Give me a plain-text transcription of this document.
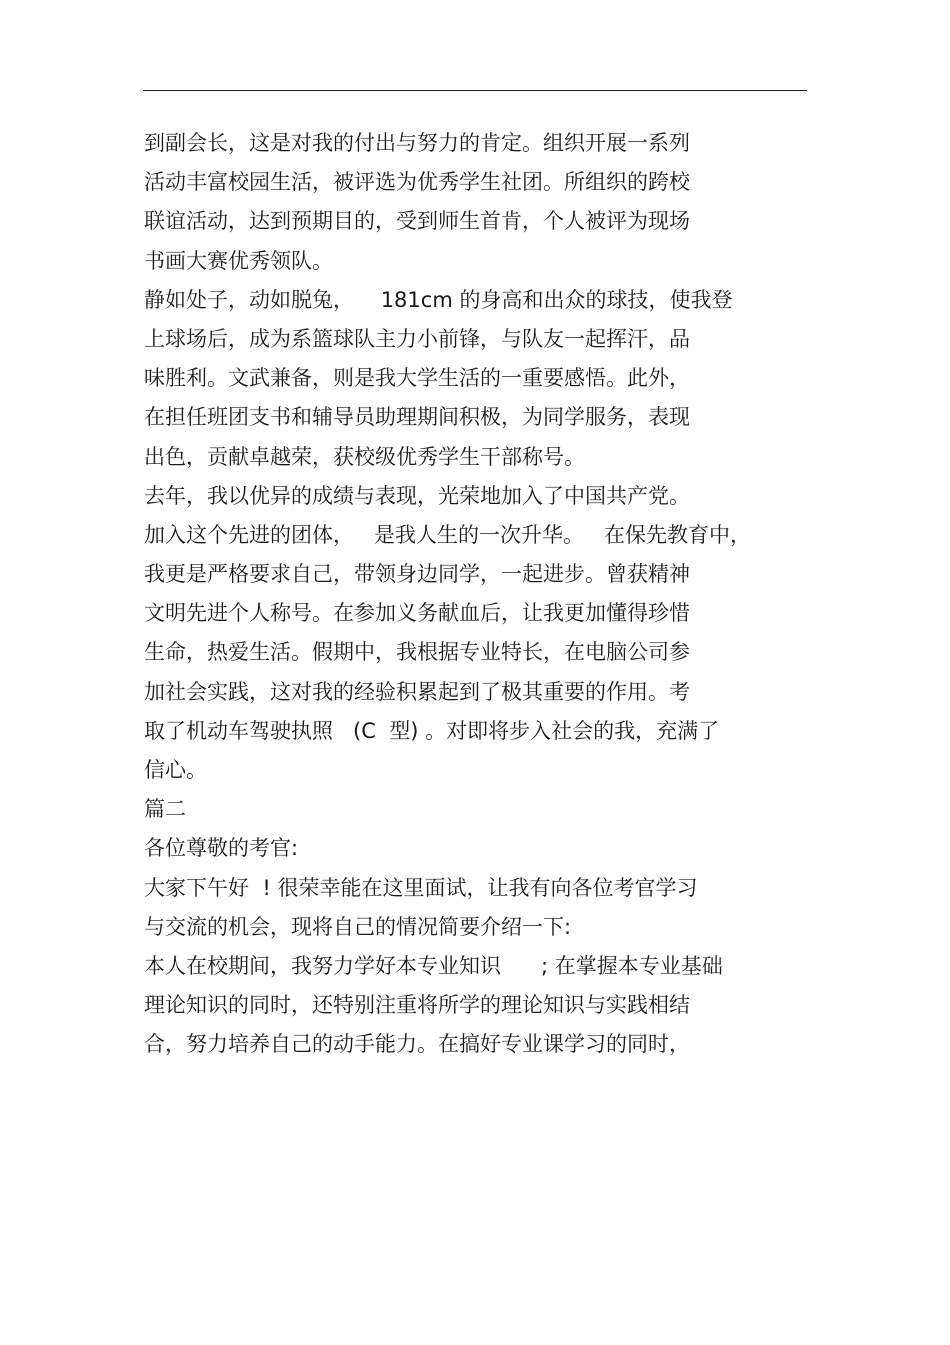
到副会长，这是对我的付出与努力的肯定。组织开展一系列
活动丰富校园生活，被评选为优秀学生社团。所组织的跨校
联谊活动，达到预期目的，受到师生首肯，个人被评为现场
书画大赛优秀领队。
静如处子，动如脱兔，    181cm 的身高和出众的球技，使我登
上球场后，成为系篮球队主力小前锋，与队友一起挥汗，品
味胜利。文武兼备，则是我大学生活的一重要感悟。此外，
在担任班团支书和辅导员助理期间积极，为同学服务，表现
出色，贡献卓越荣，获校级优秀学生干部称号。
去年，我以优异的成绩与表现，光荣地加入了中国共产党。
加入这个先进的团体，   是我人生的一次升华。   在保先教育中，
我更是严格要求自己，带领身边同学，一起进步。曾获精神
文明先进个人称号。在参加义务献血后，让我更加懂得珍惜
生命，热爱生活。假期中，我根据专业特长，在电脑公司参
加社会实践，这对我的经验积累起到了极其重要的作用。考
取了机动车驾驶执照   (C  型) 。对即将步入社会的我，充满了
信心。
篇二
各位尊敬的考官:
大家下午好  ! 很荣幸能在这里面试，让我有向各位考官学习
与交流的机会，现将自己的情况简要介绍一下:
本人在校期间，我努力学好本专业知识      ; 在掌握本专业基础
理论知识的同时，还特别注重将所学的理论知识与实践相结
合，努力培养自己的动手能力。在搞好专业课学习的同时，
